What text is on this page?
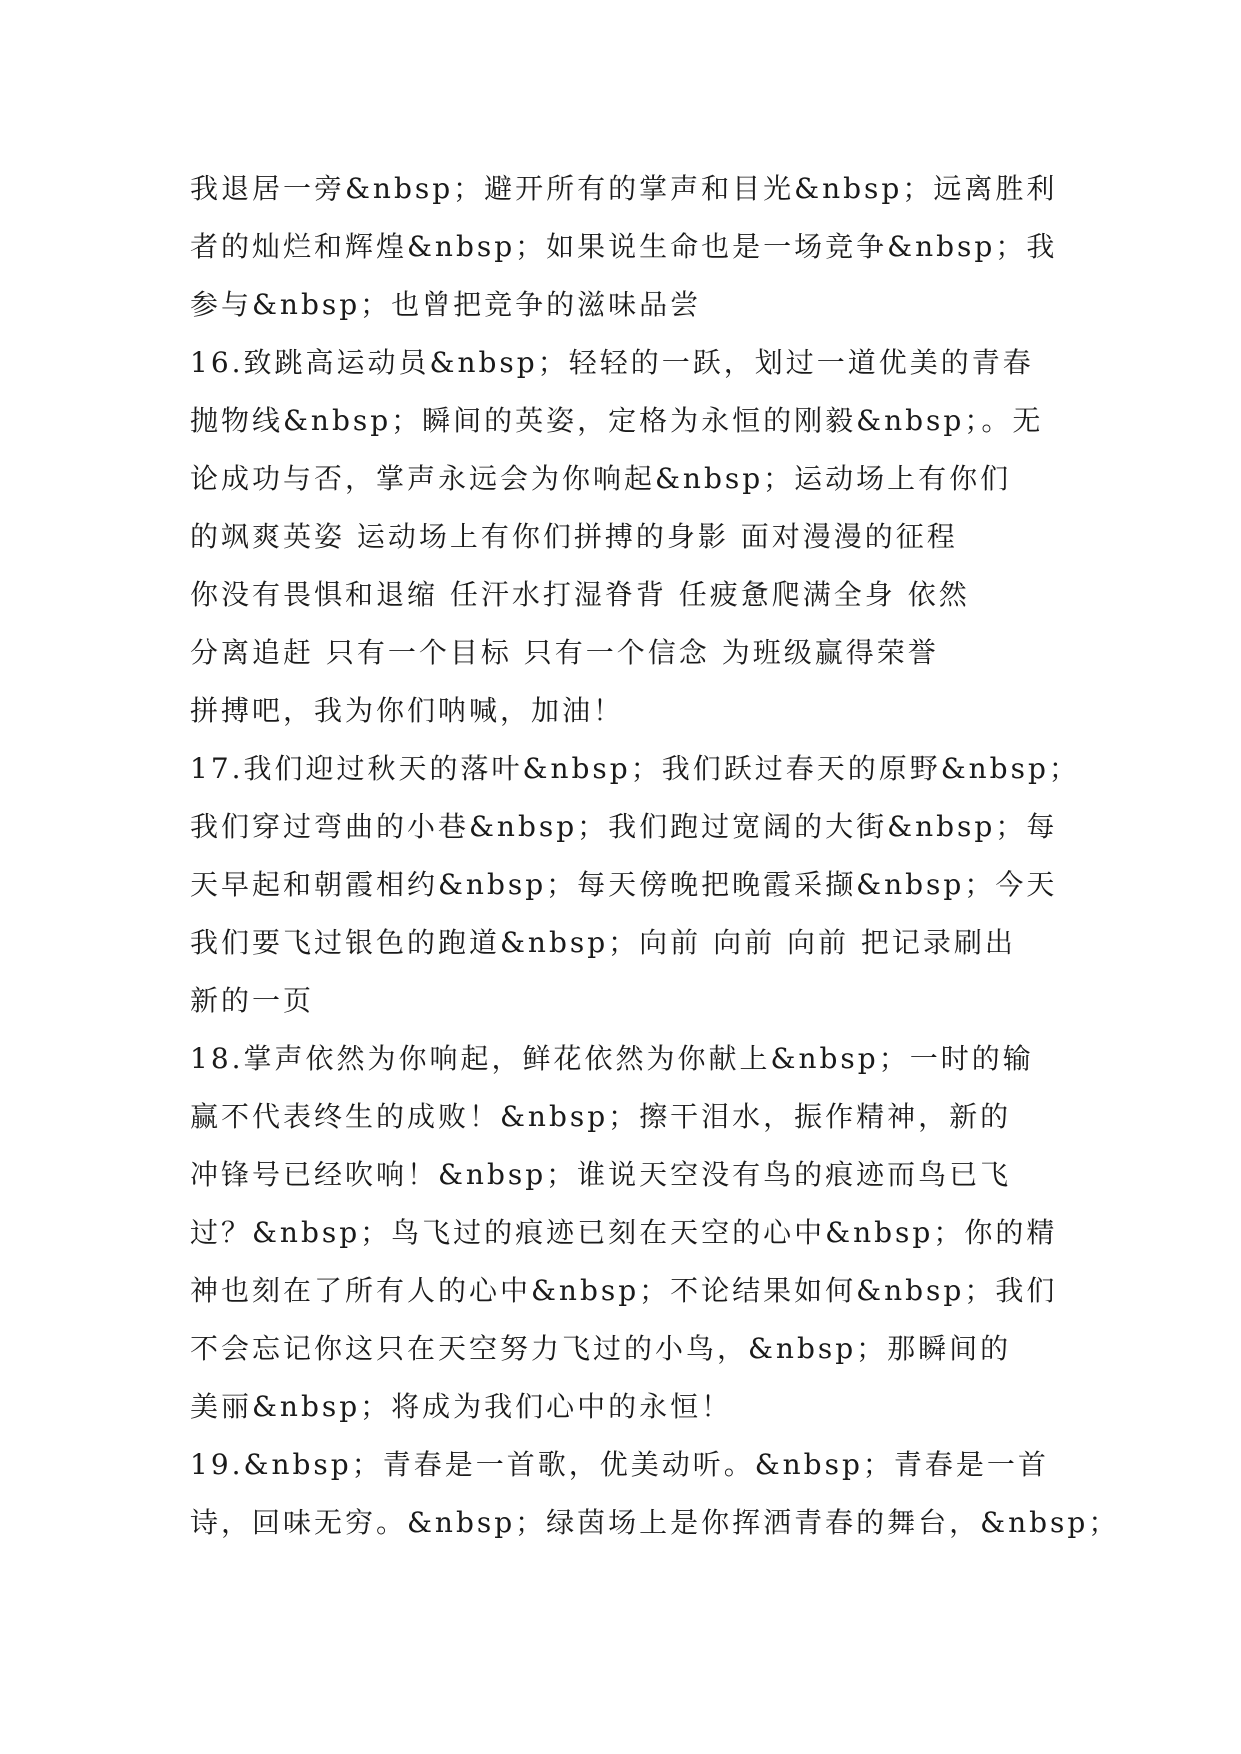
我退居一旁&nbsp；避开所有的掌声和目光&nbsp；远离胜利
者的灿烂和辉煌&nbsp；如果说生命也是一场竞争&nbsp；我
参与&nbsp；也曾把竞争的滋味品尝
16.致跳高运动员&nbsp；轻轻的一跃，划过一道优美的青春
抛物线&nbsp；瞬间的英姿，定格为永恒的刚毅&nbsp；。无
论成功与否，掌声永远会为你响起&nbsp；运动场上有你们
的飒爽英姿 运动场上有你们拼搏的身影 面对漫漫的征程
你没有畏惧和退缩 任汗水打湿脊背 任疲惫爬满全身 依然
分离追赶 只有一个目标 只有一个信念 为班级赢得荣誉
拼搏吧，我为你们呐喊，加油！
17.我们迎过秋天的落叶&nbsp；我们跃过春天的原野&nbsp；
我们穿过弯曲的小巷&nbsp；我们跑过宽阔的大街&nbsp；每
天早起和朝霞相约&nbsp；每天傍晚把晚霞采撷&nbsp；今天
我们要飞过银色的跑道&nbsp；向前 向前 向前 把记录刷出
新的一页
18.掌声依然为你响起，鲜花依然为你献上&nbsp；一时的输
赢不代表终生的成败！&nbsp；擦干泪水，振作精神，新的
冲锋号已经吹响！&nbsp；谁说天空没有鸟的痕迹而鸟已飞
过？&nbsp；鸟飞过的痕迹已刻在天空的心中&nbsp；你的精
神也刻在了所有人的心中&nbsp；不论结果如何&nbsp；我们
不会忘记你这只在天空努力飞过的小鸟，&nbsp；那瞬间的
美丽&nbsp；将成为我们心中的永恒！
19.&nbsp；青春是一首歌，优美动听。&nbsp；青春是一首
诗，回味无穷。&nbsp；绿茵场上是你挥洒青春的舞台，&nbsp；
